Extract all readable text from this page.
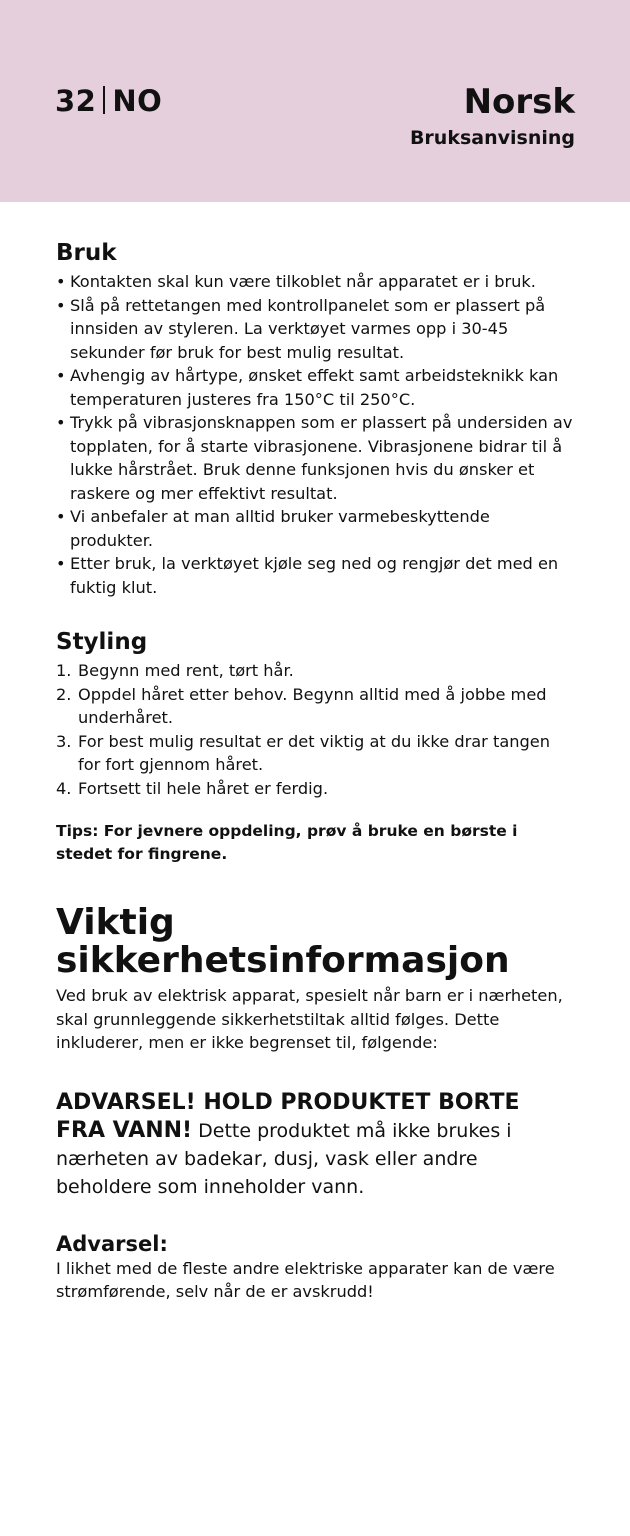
32 NO	Norsk
Bruksanvisning
Bruk
• Kontakten skal kun være tilkoblet når apparatet er i bruk.
• Slå på rettetangen med kontrollpanelet som er plassert på innsiden av styleren. La verktøyet varmes opp i 30-45 sekunder før bruk for best mulig resultat.
• Avhengig av hårtype, ønsket effekt samt arbeidsteknikk kan temperaturen justeres fra 150°C til 250°C.
• Trykk på vibrasjonsknappen som er plassert på undersiden av topplaten, for å starte vibrasjonene. Vibrasjonene bidrar til å lukke hårstrået. Bruk denne funksjonen hvis du ønsker et raskere og mer effektivt resultat.
• Vi anbefaler at man alltid bruker varmebeskyttende produkter.
• Etter bruk, la verktøyet kjøle seg ned og rengjør det med en fuktig klut.
Styling
1. Begynn med rent, tørt hår.
2. Oppdel håret etter behov. Begynn alltid med å jobbe med underhåret.
3. For best mulig resultat er det viktig at du ikke drar tangen for fort gjennom håret.
4. Fortsett til hele håret er ferdig.
Tips: For jevnere oppdeling, prøv å bruke en børste i stedet for fingrene.
Viktig
sikkerhetsinformasjon
Ved bruk av elektrisk apparat, spesielt når barn er i nærheten, skal grunnleggende sikkerhetstiltak alltid følges. Dette inkluderer, men er ikke begrenset til, følgende:
ADVARSEL! HOLD PRODUKTET BORTE FRA VANN! Dette produktet må ikke brukes i nærheten av badekar, dusj, vask eller andre beholdere som inneholder vann.
Advarsel:
I likhet med de fleste andre elektriske apparater kan de være strømførende, selv når de er avskrudd!
